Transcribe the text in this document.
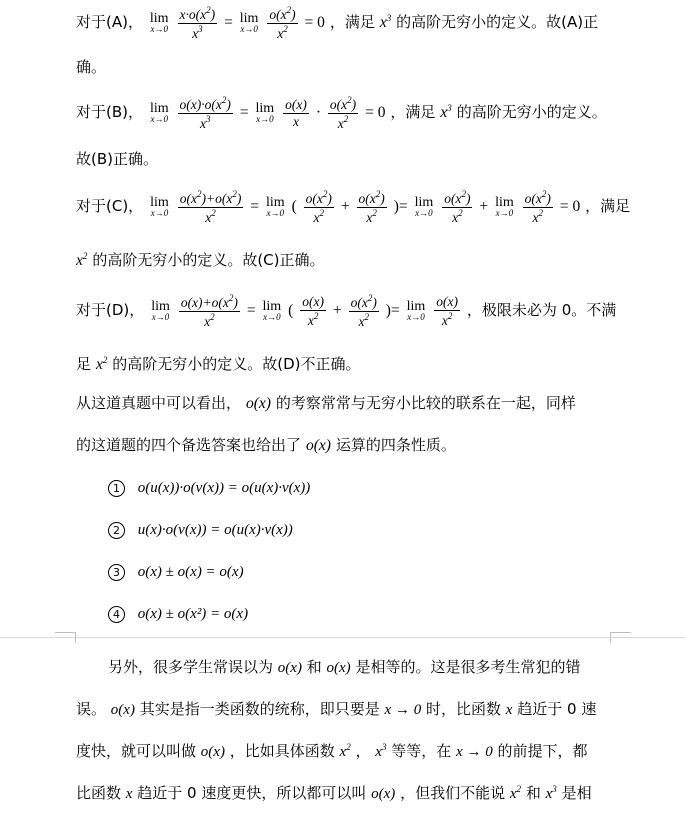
对于(A)， lim
x→0
$\frac{x\cdot o(x^2)}{x^3} = \lim$
x→0
$\frac{o(x^2)}{x^2} = 0$ ，满足 $x^3$ 的高阶无穷小的定义。故(A)正
确。
对于(B)， lim
x→0
$\frac{o(x)\cdot o(x^2)}{x^3} = \lim$
x→0
$\frac{o(x)}{x} \cdot \frac{o(x^2)}{x^2} = 0$ ，满足 $x^3$ 的高阶无穷小的定义。
故(B)正确。
对于(C)， lim
x→0
$\frac{o(x^2)+o(x^2)}{x^2} = \lim$
x→0 ( $\frac{o(x^2)}{x^2} + \frac{o(x^2)}{x^2}$ )= lim
x→0
$\frac{o(x^2)}{x^2} + \lim$
x→0
$\frac{o(x^2)}{x^2} = 0$ ，满足
$x^2$ 的高阶无穷小的定义。故(C)正确。
对于(D)， lim
x→0
$\frac{o(x)+o(x^2)}{x^2} = \lim$
x→0 ( $\frac{o(x)}{x^2} + \frac{o(x^2)}{x^2}$ )= lim
x→0
$\frac{o(x)}{x^2}$ ，极限未必为 0。不满
足 $x^2$ 的高阶无穷小的定义。故(D)不正确。
从这道真题中可以看出， o(x) 的考察常常与无穷小比较的联系在一起，同样
的这道题的四个备选答案也给出了 o(x) 运算的四条性质。
1 o(u(x))·o(v(x)) = o(u(x)·v(x))
2 u(x)·o(v(x)) = o(u(x)·v(x))
3 o(x) ± o(x) = o(x)
4 o(x) ± o(x²) = o(x)
另外，很多学生常误以为 o(x) 和 o(x) 是相等的。这是很多考生常犯的错
误。 o(x) 其实是指一类函数的统称，即只要是 x → 0 时，比函数 x 趋近于 0 速
度快，就可以叫做 o(x) ，比如具体函数 $x^2$ ， $x^3$ 等等，在 x → 0 的前提下，都
比函数 x 趋近于 0 速度更快，所以都可以叫 o(x) ，但我们不能说 $x^2$ 和 $x^3$ 是相
